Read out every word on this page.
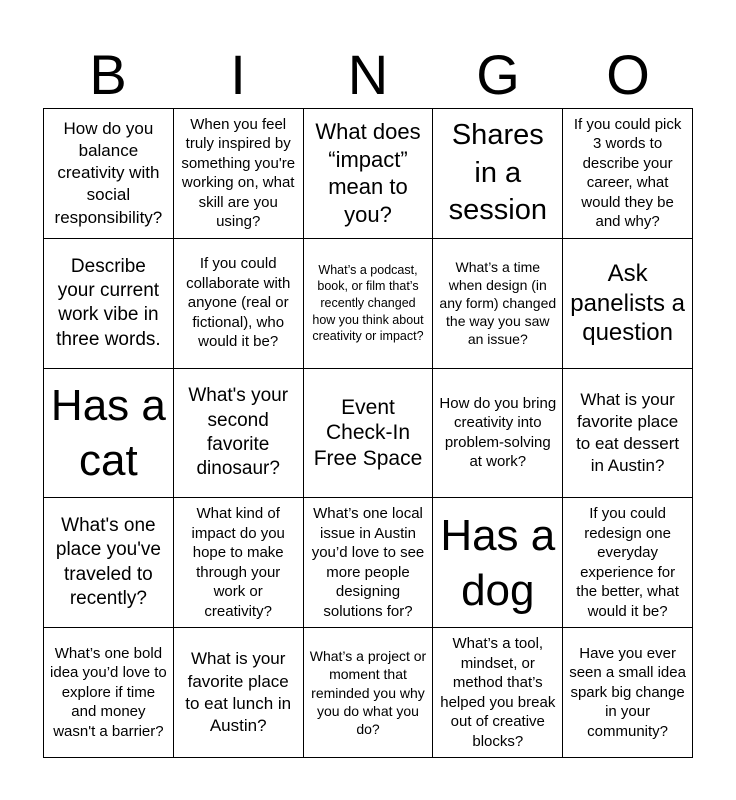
B	I	N	G	O
How do you balance creativity with social responsibility?
When you feel truly inspired by something you're working on, what skill are you using?
What does “impact” mean to you?
Shares in a session
If you could pick 3 words to describe your career, what would they be and why?
Describe your current work vibe in three words.
If you could collaborate with anyone (real or fictional), who would it be?
What’s a podcast, book, or film that’s recently changed how you think about creativity or impact?
What’s a time when design (in any form) changed the way you saw an issue?
Ask panelists a question
Has a cat
What's your second favorite dinosaur?
Event Check-In Free Space
How do you bring creativity into problem-solving at work?
What is your favorite place to eat dessert in Austin?
What's one place you've traveled to recently?
What kind of impact do you hope to make through your work or creativity?
What’s one local issue in Austin you’d love to see more people designing solutions for?
Has a dog
If you could redesign one everyday experience for the better, what would it be?
What’s one bold idea you’d love to explore if time and money wasn't a barrier?
What is your favorite place to eat lunch in Austin?
What’s a project or moment that reminded you why you do what you do?
What’s a tool, mindset, or method that’s helped you break out of creative blocks?
Have you ever seen a small idea spark big change in your community?
